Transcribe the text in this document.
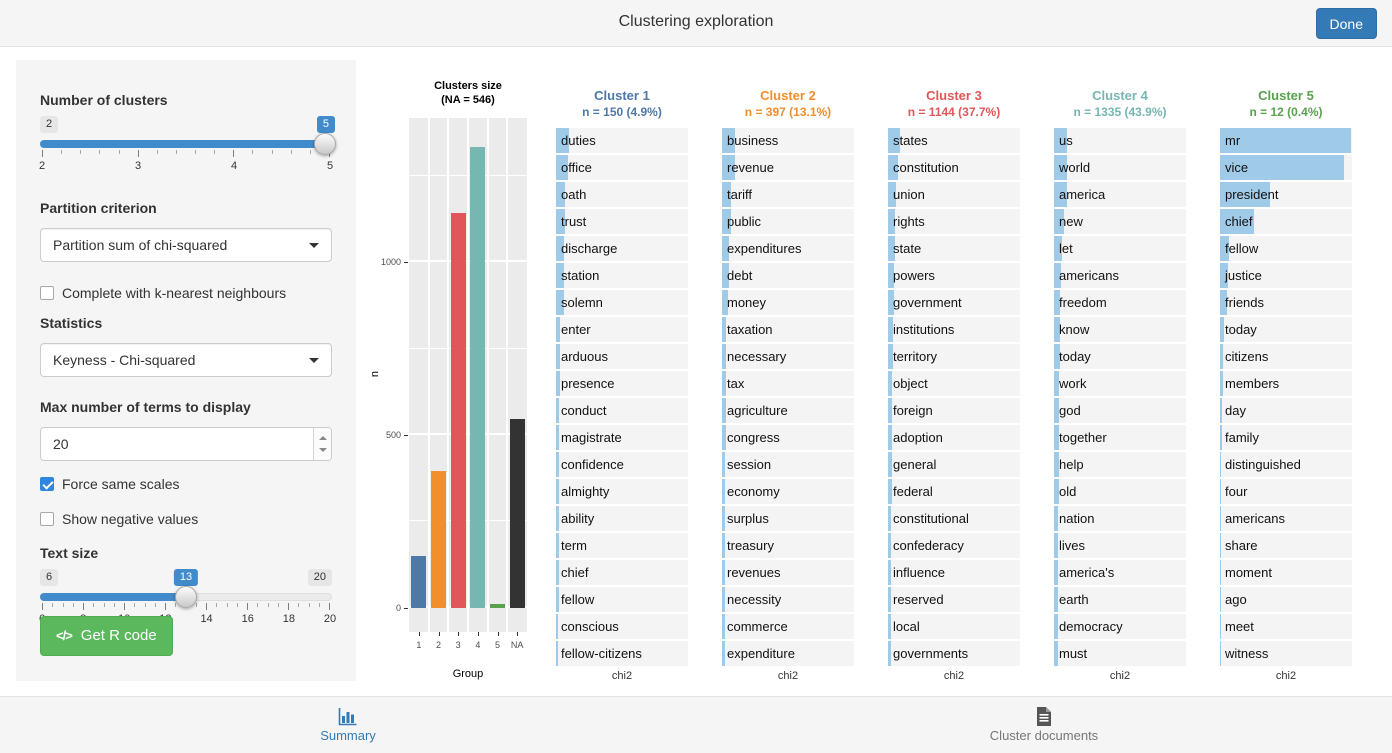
Clustering exploration	Done
Number of clusters
2	5
2	3	4	5
Partition criterion
Partition sum of chi-squared
Complete with k-nearest neighbours
Statistics
Keyness - Chi-squared
Max number of terms to display
20
Force same scales
Show negative values
Text size
6	13	20
14	16	18	20
</> Get R code
Clusters size
(NA = 546)
0
500
1000
1 2 3 4 5 NA
Group
n
Cluster 1
n = 150 (4.9%)
duties
office
oath
trust
discharge
station
solemn
enter
arduous
presence
conduct
magistrate
confidence
almighty
ability
term
chief
fellow
conscious
fellow-citizens
chi2
Cluster 2
n = 397 (13.1%)
business
revenue
tariff
public
expenditures
debt
money
taxation
necessary
tax
agriculture
congress
session
economy
surplus
treasury
revenues
necessity
commerce
expenditure
chi2
Cluster 3
n = 1144 (37.7%)
states
constitution
union
rights
state
powers
government
institutions
territory
object
foreign
adoption
general
federal
constitutional
confederacy
influence
reserved
local
governments
chi2
Cluster 4
n = 1335 (43.9%)
us
world
america
new
let
americans
freedom
know
today
work
god
together
help
old
nation
lives
america's
earth
democracy
must
chi2
Cluster 5
n = 12 (0.4%)
mr
vice
president
chief
fellow
justice
friends
today
citizens
members
day
family
distinguished
four
americans
share
moment
ago
meet
witness
chi2
Summary	Cluster documents
